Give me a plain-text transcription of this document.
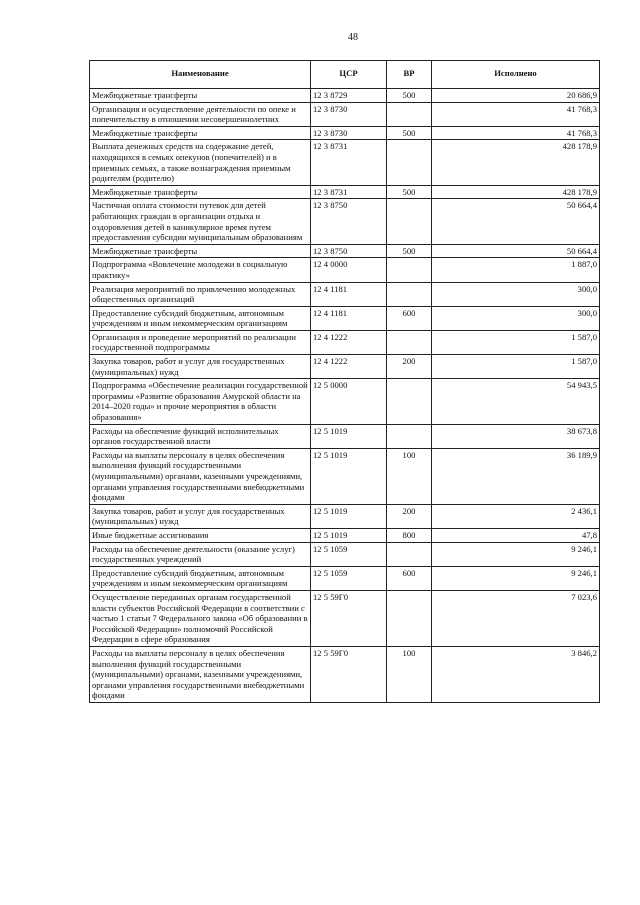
48
Наименование	ЦСР	ВР	Исполнено
Межбюджетные трансферты	12 3 8729	500	20 686,9
Организация и осуществление деятельности по опеке и попечительству в отношении несовершеннолетних	12 3 8730		41 768,3
Межбюджетные трансферты	12 3 8730	500	41 768,3
Выплата денежных средств на содержание детей, находящихся в семьях опекунов (попечителей) и в приемных семьях, а также вознаграждения приемным родителям (родителю)	12 3 8731		428 178,9
Межбюджетные трансферты	12 3 8731	500	428 178,9
Частичная оплата стоимости путевок для детей работающих граждан в организации отдыха и оздоровления детей в каникулярное время путем предоставления субсидии муниципальным образованиям	12 3 8750		50 664,4
Межбюджетные трансферты	12 3 8750	500	50 664,4
Подпрограмма «Вовлечение молодежи в социальную практику»	12 4 0000		1 887,0
Реализация мероприятий по привлечению молодежных общественных организаций	12 4 1181		300,0
Предоставление субсидий бюджетным, автономным учреждениям и иным некоммерческим организациям	12 4 1181	600	300,0
Организация и проведение мероприятий по реализации государственной подпрограммы	12 4 1222		1 587,0
Закупка товаров, работ и услуг для государственных (муниципальных) нужд	12 4 1222	200	1 587,0
Подпрограмма «Обеспечение реализации государственной программы «Развитие образования Амурской области на 2014–2020 годы» и прочие мероприятия в области образования»	12 5 0000		54 943,5
Расходы на обеспечение функций исполнительных органов государственной власти	12 5 1019		38 673,8
Расходы на выплаты персоналу в целях обеспечения выполнения функций государственными (муниципальными) органами, казенными учреждениями, органами управления государственными внебюджетными фондами	12 5 1019	100	36 189,9
Закупка товаров, работ и услуг для государственных (муниципальных) нужд	12 5 1019	200	2 436,1
Иные бюджетные ассигнования	12 5 1019	800	47,8
Расходы на обеспечение деятельности (оказание услуг) государственных учреждений	12 5 1059		9 246,1
Предоставление субсидий бюджетным, автономным учреждениям и иным некоммерческим организациям	12 5 1059	600	9 246,1
Осуществление переданных органам государственной власти субъектов Российской Федерации в соответствии с частью 1 статьи 7 Федерального закона «Об образовании в Российской Федерации» полномочий Российской Федерации в сфере образования	12 5 59Г0		7 023,6
Расходы на выплаты персоналу в целях обеспечения выполнения функций государственными (муниципальными) органами, казенными учреждениями, органами управления государственными внебюджетными фондами	12 5 59Г0	100	3 846,2
